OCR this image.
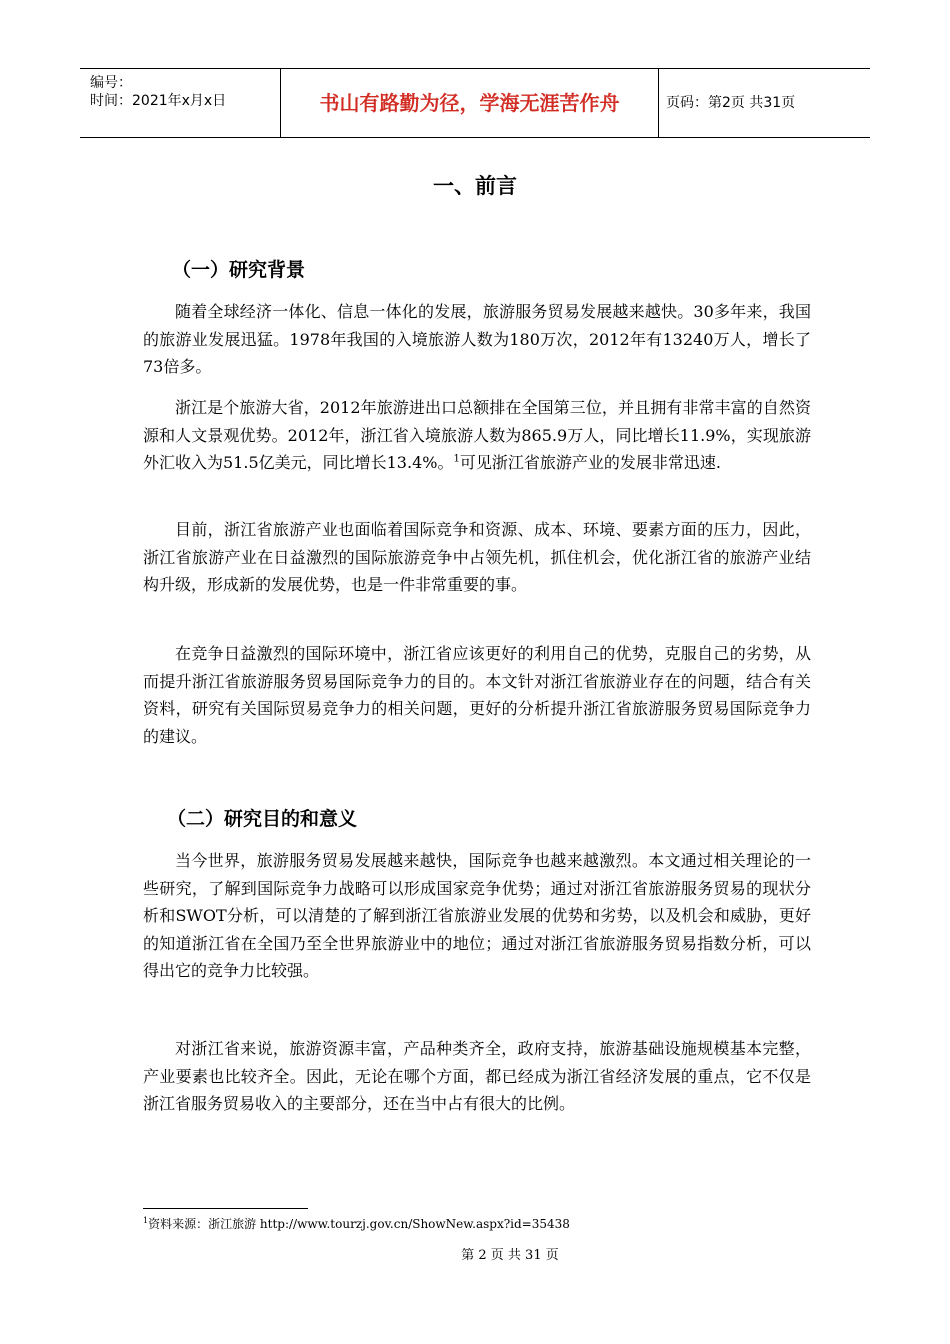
编号：
时间：2021年x月x日	书山有路勤为径，学海无涯苦作舟	页码：第2页 共31页
一、前言
（一）研究背景
随着全球经济一体化、信息一体化的发展，旅游服务贸易发展越来越快。30多年来，我国的旅游业发展迅猛。1978年我国的入境旅游人数为180万次，2012年有13240万人，增长了73倍多。
浙江是个旅游大省，2012年旅游进出口总额排在全国第三位，并且拥有非常丰富的自然资源和人文景观优势。2012年，浙江省入境旅游人数为865.9万人，同比增长11.9%，实现旅游外汇收入为51.5亿美元，同比增长13.4%。$^1$可见浙江省旅游产业的发展非常迅速.
目前，浙江省旅游产业也面临着国际竞争和资源、成本、环境、要素方面的压力，因此，浙江省旅游产业在日益激烈的国际旅游竞争中占领先机，抓住机会，优化浙江省的旅游产业结构升级，形成新的发展优势，也是一件非常重要的事。
在竞争日益激烈的国际环境中，浙江省应该更好的利用自己的优势，克服自己的劣势，从而提升浙江省旅游服务贸易国际竞争力的目的。本文针对浙江省旅游业存在的问题，结合有关资料，研究有关国际贸易竞争力的相关问题，更好的分析提升浙江省旅游服务贸易国际竞争力的建议。
（二）研究目的和意义
当今世界，旅游服务贸易发展越来越快，国际竞争也越来越激烈。本文通过相关理论的一些研究，了解到国际竞争力战略可以形成国家竞争优势；通过对浙江省旅游服务贸易的现状分析和SWOT分析，可以清楚的了解到浙江省旅游业发展的优势和劣势，以及机会和威胁，更好的知道浙江省在全国乃至全世界旅游业中的地位；通过对浙江省旅游服务贸易指数分析，可以得出它的竞争力比较强。
对浙江省来说，旅游资源丰富，产品种类齐全，政府支持，旅游基础设施规模基本完整，产业要素也比较齐全。因此，无论在哪个方面，都已经成为浙江省经济发展的重点，它不仅是浙江省服务贸易收入的主要部分，还在当中占有很大的比例。
$^1$资料来源：浙江旅游 http://www.tourzj.gov.cn/ShowNew.aspx?id=35438
第 2 页 共 31 页
